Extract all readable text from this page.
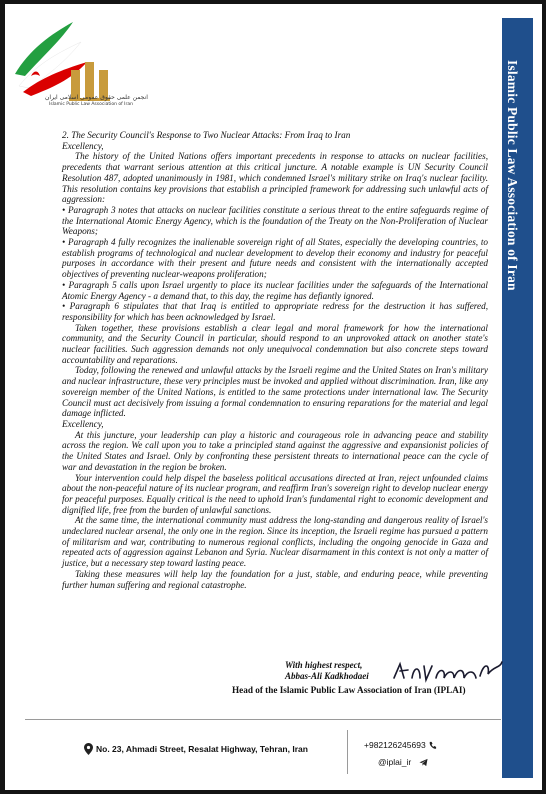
انجمن علمی حقوق عمومی اسلامی ایران
Islamic Public Law Association of Iran	Islamic Public Law Association of Iran

2. The Security Council's Response to Two Nuclear Attacks: From Iraq to Iran

Excellency,

The history of the United Nations offers important precedents in response to attacks on nuclear facilities, precedents that warrant serious attention at this critical juncture. A notable example is UN Security Council Resolution 487, adopted unanimously in 1981, which condemned Israel's military strike on Iraq's nuclear facility. This resolution contains key provisions that establish a principled framework for addressing such unlawful acts of aggression:

• Paragraph 3 notes that attacks on nuclear facilities constitute a serious threat to the entire safeguards regime of the International Atomic Energy Agency, which is the foundation of the Treaty on the Non-Proliferation of Nuclear Weapons;

• Paragraph 4 fully recognizes the inalienable sovereign right of all States, especially the developing countries, to establish programs of technological and nuclear development to develop their economy and industry for peaceful purposes in accordance with their present and future needs and consistent with the internationally accepted objectives of preventing nuclear-weapons proliferation;

• Paragraph 5 calls upon Israel urgently to place its nuclear facilities under the safeguards of the International Atomic Energy Agency - a demand that, to this day, the regime has defiantly ignored.

• Paragraph 6 stipulates that that Iraq is entitled to appropriate redress for the destruction it has suffered, responsibility for which has been acknowledged by Israel.

Taken together, these provisions establish a clear legal and moral framework for how the international community, and the Security Council in particular, should respond to an unprovoked attack on another state's nuclear facilities. Such aggression demands not only unequivocal condemnation but also concrete steps toward accountability and reparations.

Today, following the renewed and unlawful attacks by the Israeli regime and the United States on Iran's military and nuclear infrastructure, these very principles must be invoked and applied without discrimination. Iran, like any sovereign member of the United Nations, is entitled to the same protections under international law. The Security Council must act decisively from issuing a formal condemnation to ensuring reparations for the material and legal damage inflicted.

Excellency,

At this juncture, your leadership can play a historic and courageous role in advancing peace and stability across the region. We call upon you to take a principled stand against the aggressive and expansionist policies of the United States and Israel. Only by confronting these persistent threats to international peace can the cycle of war and devastation in the region be broken.

Your intervention could help dispel the baseless political accusations directed at Iran, reject unfounded claims about the non-peaceful nature of its nuclear program, and reaffirm Iran's sovereign right to develop nuclear energy for peaceful purposes. Equally critical is the need to uphold Iran's fundamental right to economic development and dignified life, free from the burden of unlawful sanctions.

At the same time, the international community must address the long-standing and dangerous reality of Israel's undeclared nuclear arsenal, the only one in the region. Since its inception, the Israeli regime has pursued a pattern of militarism and war, contributing to numerous regional conflicts, including the ongoing genocide in Gaza and repeated acts of aggression against Lebanon and Syria. Nuclear disarmament in this context is not only a matter of justice, but a necessary step toward lasting peace.

Taking these measures will help lay the foundation for a just, stable, and enduring peace, while preventing further human suffering and regional catastrophe.

With highest respect,
Abbas-Ali Kadkhodaei
Head of the Islamic Public Law Association of Iran (IPLAI)
No. 23, Ahmadi Street, Resalat Highway, Tehran, Iran	+982126245693
@iplai_ir
